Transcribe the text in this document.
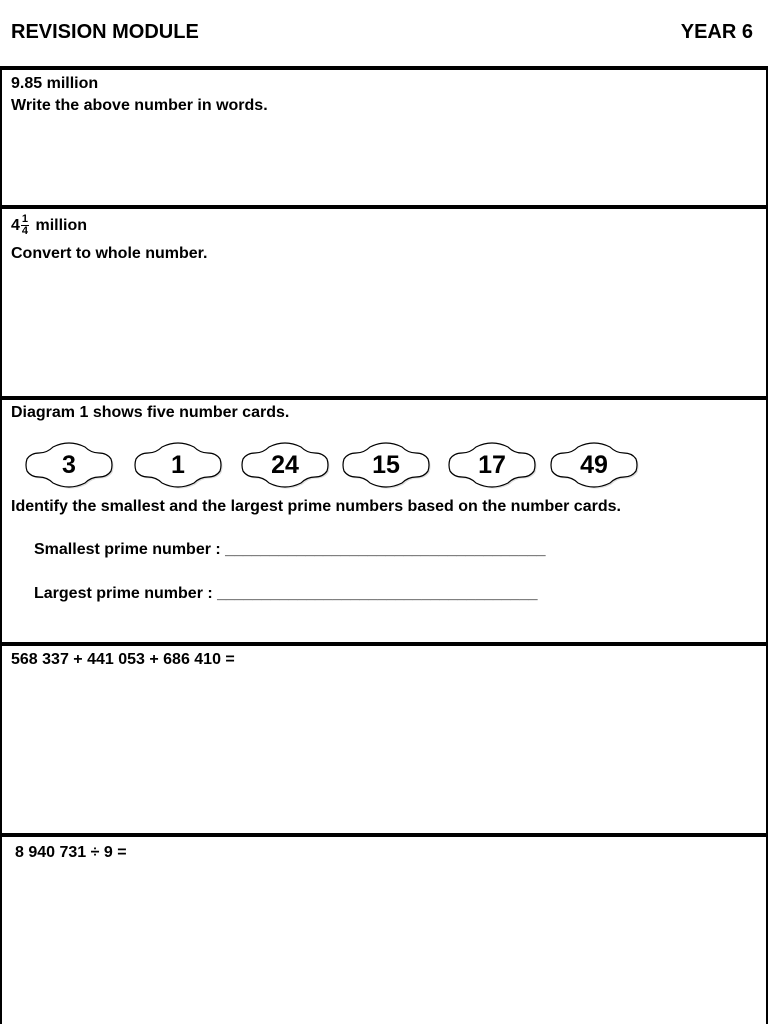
REVISION MODULE	YEAR 6
9.85 million
Write the above number in words.
$4 \frac{1}{4}$ million
Convert to whole number.
Diagram 1 shows five number cards.
3	1	24	15	17	49
Identify the smallest and the largest prime numbers based on the number cards.
Smallest prime number : ____________________________________
Largest prime number : ____________________________________
568 337 + 441 053 + 686 410 =
8 940 731 ÷ 9 =
